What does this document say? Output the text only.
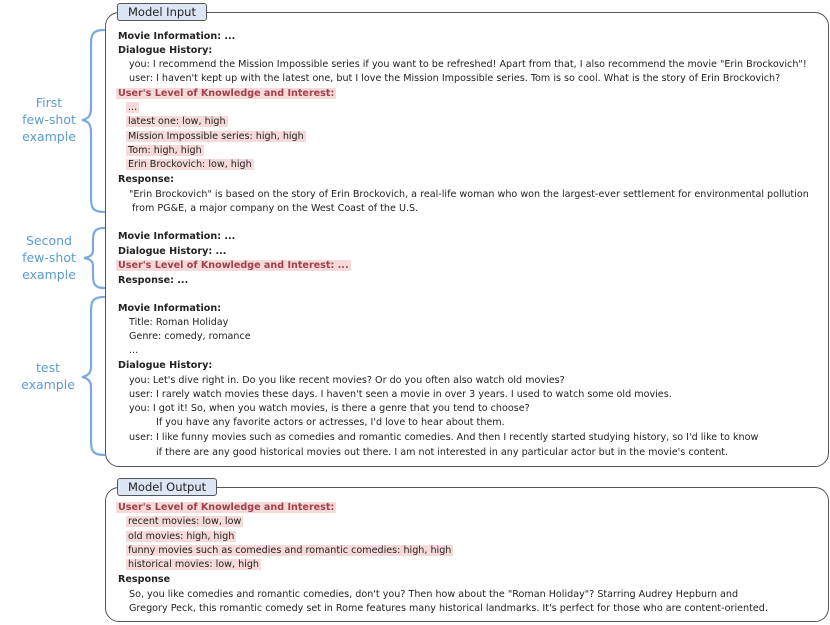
First
few-shot
example
Second
few-shot
example
test
example
Model Input
Movie Information: ...
Dialogue History:
you: I recommend the Mission Impossible series if you want to be refreshed! Apart from that, I also recommend the movie "Erin Brockovich"!
user: I haven't kept up with the latest one, but I love the Mission Impossible series. Tom is so cool. What is the story of Erin Brockovich?
User's Level of Knowledge and Interest:
...
latest one: low, high
Mission Impossible series: high, high
Tom: high, high
Erin Brockovich: low, high
Response:
"Erin Brockovich" is based on the story of Erin Brockovich, a real-life woman who won the largest-ever settlement for environmental pollution
from PG&E, a major company on the West Coast of the U.S.
Movie Information: ...
Dialogue History: ...
User's Level of Knowledge and Interest: ...
Response: ...
Movie Information:
Title: Roman Holiday
Genre: comedy, romance
...
Dialogue History:
you: Let's dive right in. Do you like recent movies? Or do you often also watch old movies?
user: I rarely watch movies these days. I haven't seen a movie in over 3 years. I used to watch some old movies.
you: I got it! So, when you watch movies, is there a genre that you tend to choose?
If you have any favorite actors or actresses, I'd love to hear about them.
user: I like funny movies such as comedies and romantic comedies. And then I recently started studying history, so I'd like to know
if there are any good historical movies out there. I am not interested in any particular actor but in the movie's content.
Model Output
User's Level of Knowledge and Interest:
recent movies: low, low
old movies: high, high
funny movies such as comedies and romantic comedies: high, high
historical movies: low, high
Response
So, you like comedies and romantic comedies, don't you? Then how about the "Roman Holiday"? Starring Audrey Hepburn and
Gregory Peck, this romantic comedy set in Rome features many historical landmarks. It's perfect for those who are content-oriented.
